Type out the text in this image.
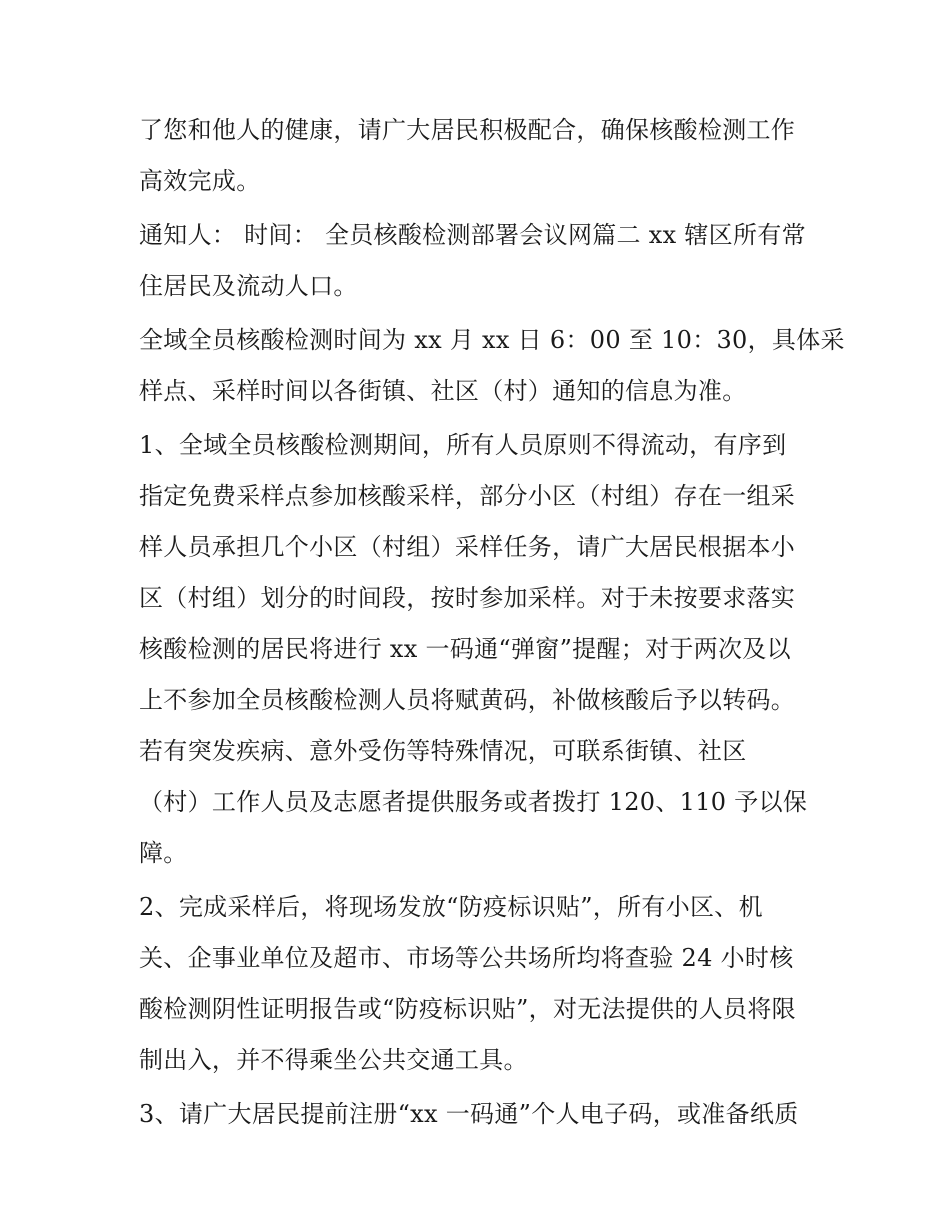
了您和他人的健康，请广大居民积极配合，确保核酸检测工作
高效完成。
通知人： 时间： 全员核酸检测部署会议网篇二 xx 辖区所有常
住居民及流动人口。
全域全员核酸检测时间为 xx 月 xx 日 6：00 至 10：30，具体采
样点、采样时间以各街镇、社区（村）通知的信息为准。
1、全域全员核酸检测期间，所有人员原则不得流动，有序到
指定免费采样点参加核酸采样，部分小区（村组）存在一组采
样人员承担几个小区（村组）采样任务，请广大居民根据本小
区（村组）划分的时间段，按时参加采样。对于未按要求落实
核酸检测的居民将进行 xx 一码通“弹窗”提醒；对于两次及以
上不参加全员核酸检测人员将赋黄码，补做核酸后予以转码。
若有突发疾病、意外受伤等特殊情况，可联系街镇、社区
（村）工作人员及志愿者提供服务或者拨打 120、110 予以保
障。
2、完成采样后，将现场发放“防疫标识贴”，所有小区、机
关、企事业单位及超市、市场等公共场所均将查验 24 小时核
酸检测阴性证明报告或“防疫标识贴”，对无法提供的人员将限
制出入，并不得乘坐公共交通工具。
3、请广大居民提前注册“xx 一码通”个人电子码，或准备纸质
